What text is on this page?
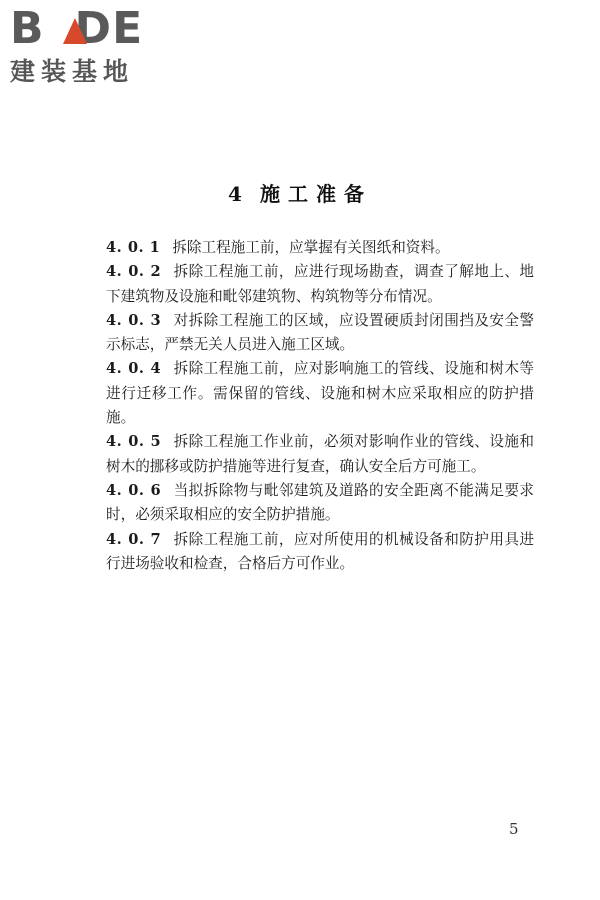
B DE
建装基地
4 施工准备

4. 0. 1 拆除工程施工前，应掌握有关图纸和资料。

4. 0. 2 拆除工程施工前，应进行现场勘查，调查了解地上、地下建筑物及设施和毗邻建筑物、构筑物等分布情况。

4. 0. 3 对拆除工程施工的区域，应设置硬质封闭围挡及安全警示标志，严禁无关人员进入施工区域。

4. 0. 4 拆除工程施工前，应对影响施工的管线、设施和树木等进行迁移工作。需保留的管线、设施和树木应采取相应的防护措施。

4. 0. 5 拆除工程施工作业前，必须对影响作业的管线、设施和树木的挪移或防护措施等进行复查，确认安全后方可施工。

4. 0. 6 当拟拆除物与毗邻建筑及道路的安全距离不能满足要求时，必须采取相应的安全防护措施。

4. 0. 7 拆除工程施工前，应对所使用的机械设备和防护用具进行进场验收和检查，合格后方可作业。

5
